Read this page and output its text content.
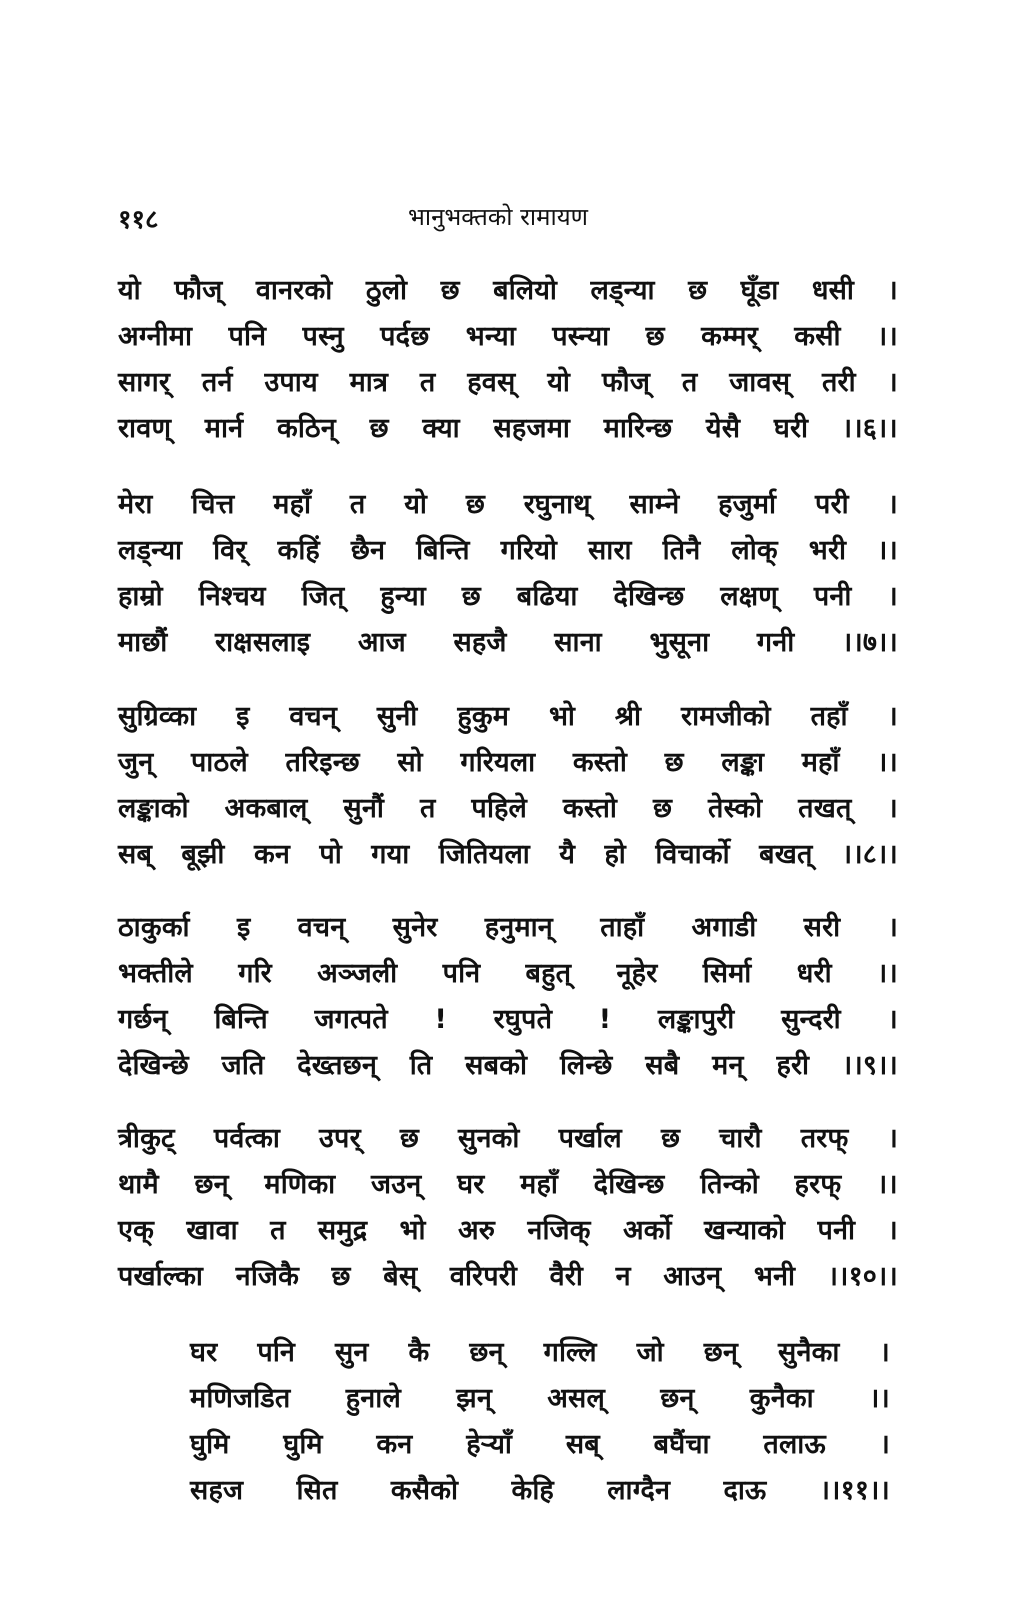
११८	भानुभक्तको रामायण
यो फौज् वानरको ठुलो छ बलियो लड्न्या छ घूँडा धसी ।
अग्नीमा पनि पस्नु पर्दछ भन्या पस्न्या छ कम्मर् कसी ।।
सागर् तर्न उपाय मात्र त हवस् यो फौज् त जावस् तरी ।
रावण् मार्न कठिन् छ क्या सहजमा मारिन्छ येसै घरी ।।६।।
मेरा चित्त महाँ त यो छ रघुनाथ् साम्ने हजुर्मा परी ।
लड्न्या विर् कहिं छैन बिन्ति गरियो सारा तिनै लोक् भरी ।।
हाम्रो निश्चय जित् हुन्या छ बढिया देखिन्छ लक्षण् पनी ।
माछौं राक्षसलाइ आज सहजै साना भुसूना गनी ।।७।।
सुग्रिव्का इ वचन् सुनी हुकुम भो श्री रामजीको तहाँ ।
जुन् पाठले तरिइन्छ सो गरियला कस्तो छ लङ्का महाँ ।।
लङ्काको अकबाल् सुनौं त पहिले कस्तो छ तेस्को तखत् ।
सब् बूझी कन पो गया जितियला यै हो विचार्को बखत् ।।८।।
ठाकुर्का इ वचन् सुनेर हनुमान् ताहाँ अगाडी सरी ।
भक्तीले गरि अञ्जली पनि बहुत् नूहेर सिर्मा धरी ।।
गर्छन् बिन्ति जगत्पते ! रघुपते ! लङ्कापुरी सुन्दरी ।
देखिन्छे जति देख्तछन् ति सबको लिन्छे सबै मन् हरी ।।९।।
त्रीकुट् पर्वत्का उपर् छ सुनको पर्खाल छ चारौ तरफ् ।
थामै छन् मणिका जउन् घर महाँ देखिन्छ तिन्को हरफ् ।।
एक् खावा त समुद्र भो अरु नजिक् अर्को खन्याको पनी ।
पर्खाल्का नजिकै छ बेस् वरिपरी वैरी न आउन् भनी ।।१०।।
घर पनि सुन कै छन् गल्लि जो छन् सुनैका ।
मणिजडित हुनाले झन् असल् छन् कुनैका ।।
घुमि घुमि कन हेर्‍याँ सब् बघैंचा तलाऊ ।
सहज सित कसैको केहि लाग्दैन दाऊ ।।११।।
